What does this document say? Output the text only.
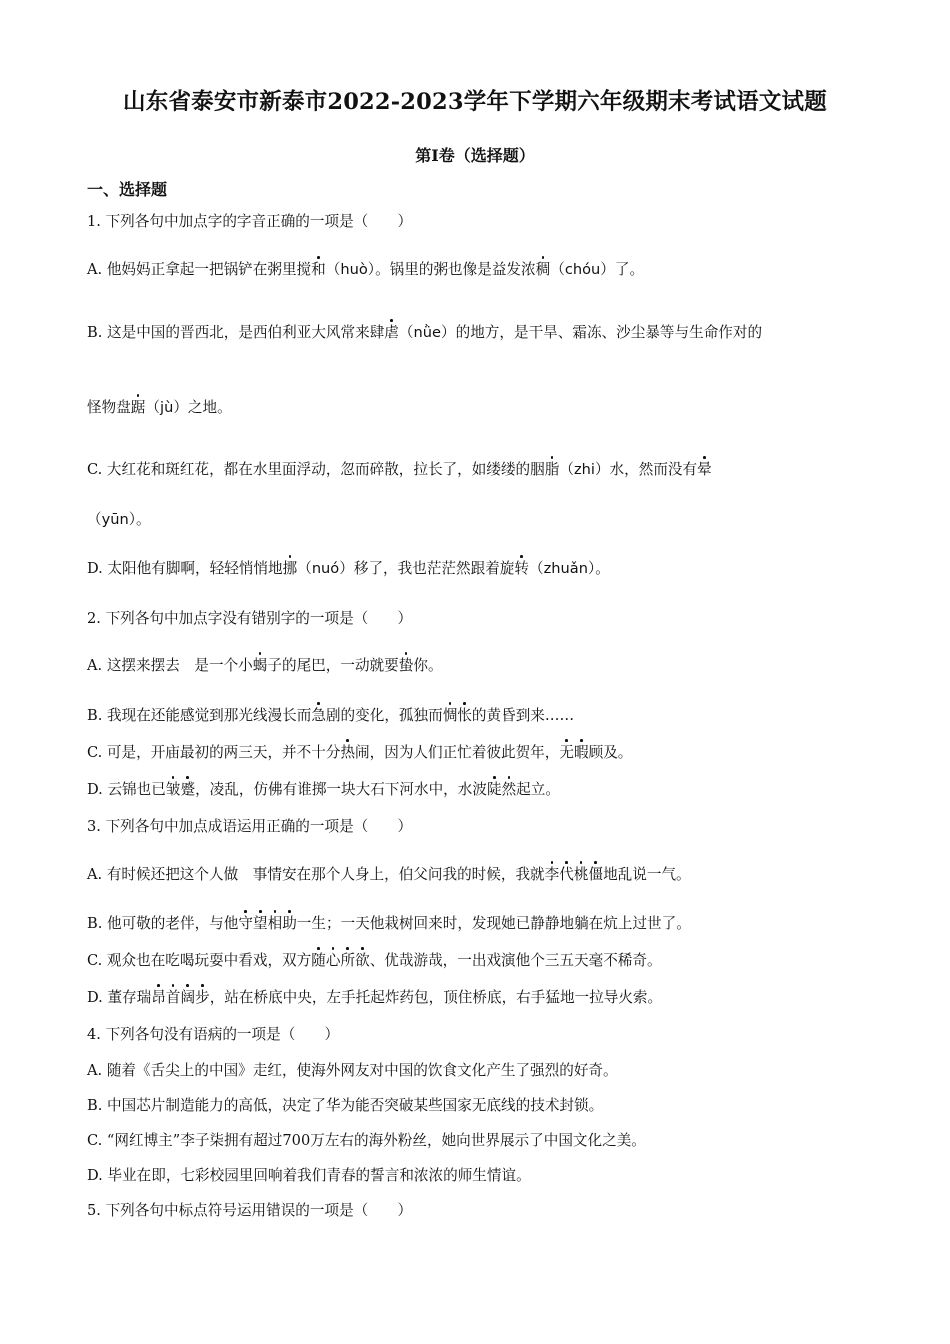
山东省泰安市新泰市2022-2023学年下学期六年级期末考试语文试题
第Ⅰ卷（选择题）
一、选择题
1. 下列各句中加点字的字音正确的一项是（　　）
A. 他妈妈正拿起一把锅铲在粥里搅和（huò）。锅里的粥也像是益发浓稠（chóu）了。
B. 这是中国的晋西北，是西伯利亚大风常来肆虐（nǜe）的地方，是干旱、霜冻、沙尘暴等与生命作对的
怪物盘踞（jù）之地。
C. 大红花和斑红花，都在水里面浮动，忽而碎散，拉长了，如缕缕的胭脂（zhi）水，然而没有晕
（yūn）。
D. 太阳他有脚啊，轻轻悄悄地挪（nuó）移了，我也茫茫然跟着旋转（zhuǎn）。
2. 下列各句中加点字没有错别字的一项是（　　）
A. 这摆来摆去　是一个小蝎子的尾巴，一动就要蛰你。
B. 我现在还能感觉到那光线漫长而急剧的变化，孤独而惆怅的黄昏到来……
C. 可是，开庙最初的两三天，并不十分热闹，因为人们正忙着彼此贺年，无暇顾及。
D. 云锦也已皱蹙，凌乱，仿佛有谁掷一块大石下河水中，水波陡然起立。
3. 下列各句中加点成语运用正确的一项是（　　）
A. 有时候还把这个人做　事情安在那个人身上，伯父问我的时候，我就李代桃僵地乱说一气。
B. 他可敬的老伴，与他守望相助一生；一天他栽树回来时，发现她已静静地躺在炕上过世了。
C. 观众也在吃喝玩耍中看戏，双方随心所欲、优哉游哉，一出戏演他个三五天毫不稀奇。
D. 董存瑞昂首阔步，站在桥底中央，左手托起炸药包，顶住桥底，右手猛地一拉导火索。
4. 下列各句没有语病的一项是（　　）
A. 随着《舌尖上的中国》走红，使海外网友对中国的饮食文化产生了强烈的好奇。
B. 中国芯片制造能力的高低，决定了华为能否突破某些国家无底线的技术封锁。
C. “网红博主”李子柒拥有超过700万左右的海外粉丝，她向世界展示了中国文化之美。
D. 毕业在即，七彩校园里回响着我们青春的誓言和浓浓的师生情谊。
5. 下列各句中标点符号运用错误的一项是（　　）
